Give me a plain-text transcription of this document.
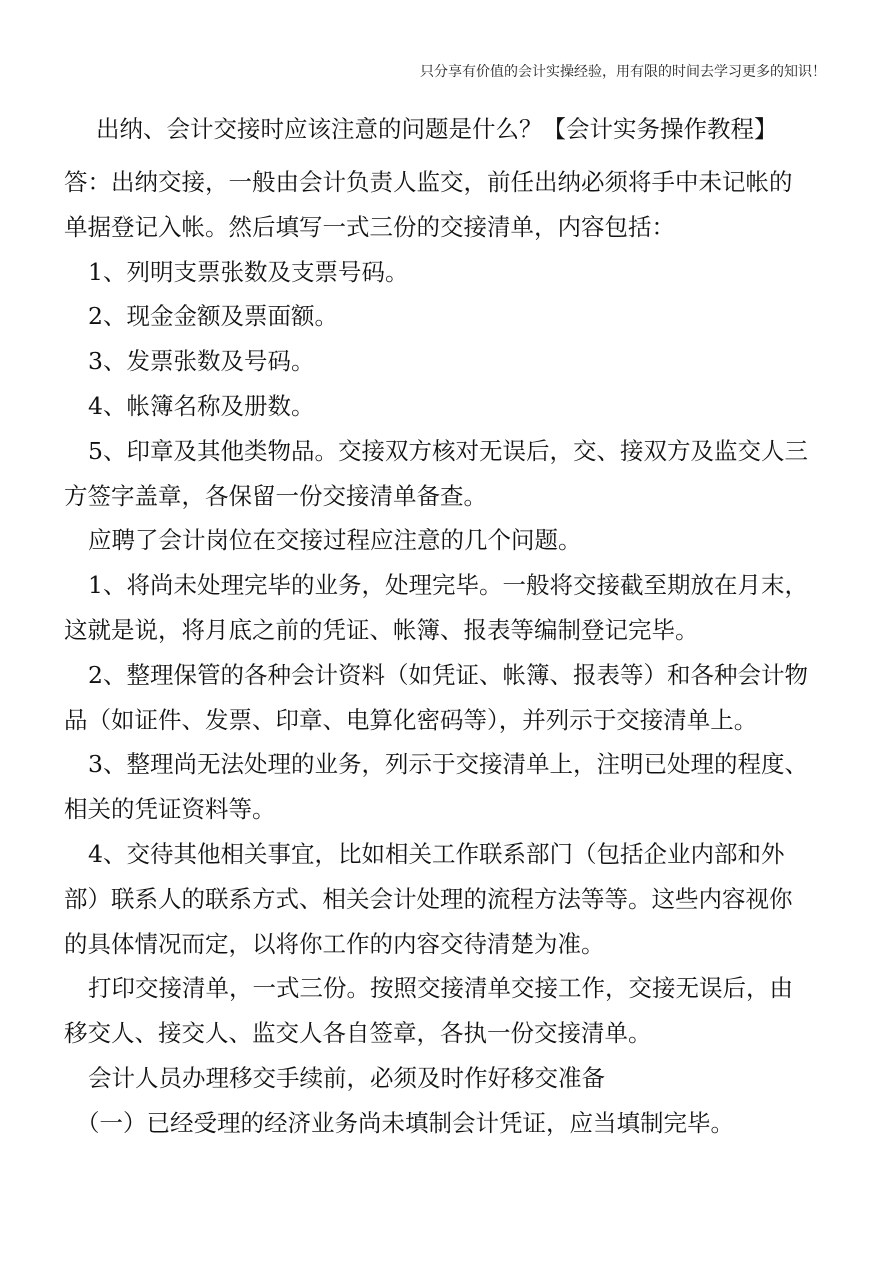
只分享有价值的会计实操经验，用有限的时间去学习更多的知识！
出纳、会计交接时应该注意的问题是什么？【会计实务操作教程】
答：出纳交接，一般由会计负责人监交，前任出纳必须将手中未记帐的
单据登记入帐。然后填写一式三份的交接清单，内容包括：
1、列明支票张数及支票号码。
2、现金金额及票面额。
3、发票张数及号码。
4、帐簿名称及册数。
5、印章及其他类物品。交接双方核对无误后，交、接双方及监交人三
方签字盖章，各保留一份交接清单备查。
应聘了会计岗位在交接过程应注意的几个问题。
1、将尚未处理完毕的业务，处理完毕。一般将交接截至期放在月末，
这就是说，将月底之前的凭证、帐簿、报表等编制登记完毕。
2、整理保管的各种会计资料（如凭证、帐簿、报表等）和各种会计物
品（如证件、发票、印章、电算化密码等），并列示于交接清单上。
3、整理尚无法处理的业务，列示于交接清单上，注明已处理的程度、
相关的凭证资料等。
4、交待其他相关事宜，比如相关工作联系部门（包括企业内部和外
部）联系人的联系方式、相关会计处理的流程方法等等。这些内容视你
的具体情况而定，以将你工作的内容交待清楚为准。
打印交接清单，一式三份。按照交接清单交接工作，交接无误后，由
移交人、接交人、监交人各自签章，各执一份交接清单。
会计人员办理移交手续前，必须及时作好移交准备
（一）已经受理的经济业务尚未填制会计凭证，应当填制完毕。
